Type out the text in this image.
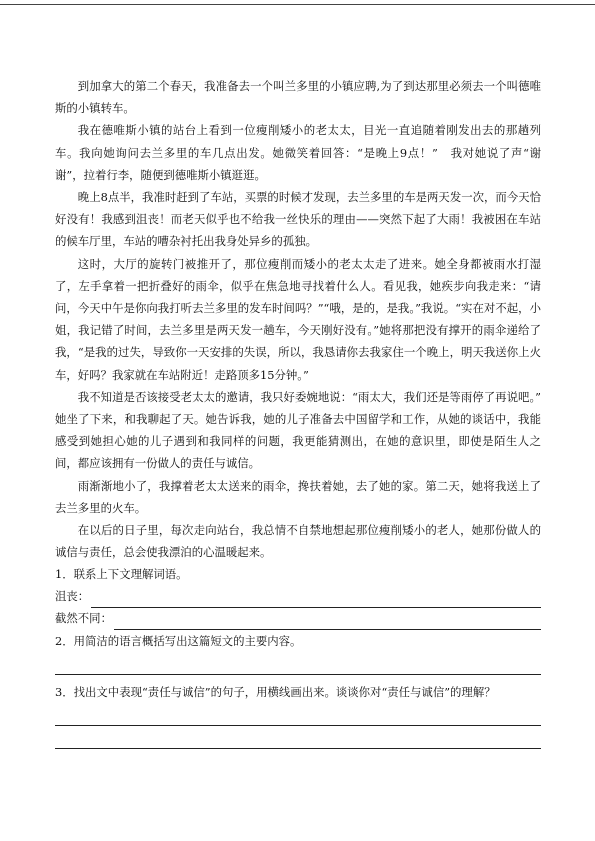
到加拿大的第二个春天，我准备去一个叫兰多里的小镇应聘,为了到达那里必须去一个叫德唯斯的小镇转车。

我在德唯斯小镇的站台上看到一位瘦削矮小的老太太，目光一直追随着刚发出去的那趟列车。我向她询问去兰多里的车几点出发。她微笑着回答：“是晚上9点！”　我对她说了声“谢谢”，拉着行李，随便到德唯斯小镇逛逛。

晚上8点半，我准时赶到了车站，买票的时候才发现，去兰多里的车是两天发一次，而今天恰好没有！我感到沮丧！而老天似乎也不给我一丝快乐的理由——突然下起了大雨！我被困在车站的候车厅里，车站的嘈杂衬托出我身处异乡的孤独。

这时，大厅的旋转门被推开了，那位瘦削而矮小的老太太走了进来。她全身都被雨水打湿了，左手拿着一把折叠好的雨伞，似乎在焦急地寻找着什么人。看见我，她疾步向我走来：“请问，今天中午是你向我打听去兰多里的发车时间吗？”“哦，是的，是我。”我说。“实在对不起，小姐，我记错了时间，去兰多里是两天发一趟车，今天刚好没有。”她将那把没有撑开的雨伞递给了我，“是我的过失，导致你一天安排的失误，所以，我恳请你去我家住一个晚上，明天我送你上火车，好吗？我家就在车站附近！走路顶多15分钟。”

我不知道是否该接受老太太的邀请，我只好委婉地说：“雨太大，我们还是等雨停了再说吧。”　她坐了下来，和我聊起了天。她告诉我，她的儿子准备去中国留学和工作，从她的谈话中，我能感受到她担心她的儿子遇到和我同样的问题，我更能猜测出，在她的意识里，即使是陌生人之间，都应该拥有一份做人的责任与诚信。

雨渐渐地小了，我撑着老太太送来的雨伞，搀扶着她，去了她的家。第二天，她将我送上了去兰多里的火车。

在以后的日子里，每次走向站台，我总情不自禁地想起那位瘦削矮小的老人，她那份做人的诚信与责任，总会使我漂泊的心温暖起来。

1．联系上下文理解词语。

沮丧：
截然不同：

2．用简洁的语言概括写出这篇短文的主要内容。

3．找出文中表现“责任与诚信”的句子，用横线画出来。谈谈你对“责任与诚信”的理解？
